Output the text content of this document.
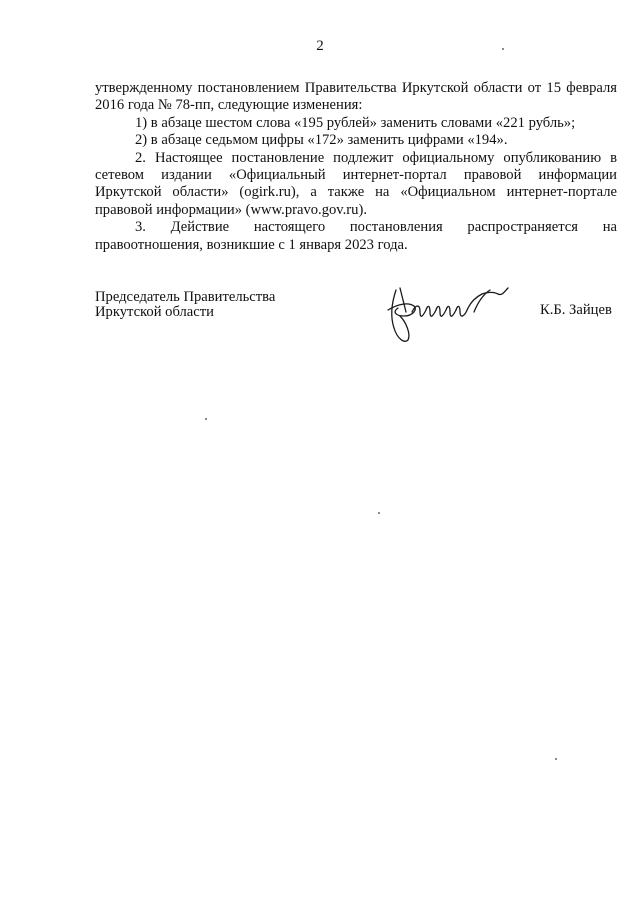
2

утвержденному постановлением Правительства Иркутской области от 15 февраля 2016 года № 78-пп, следующие изменения:

1) в абзаце шестом слова «195 рублей» заменить словами «221 рубль»;

2) в абзаце седьмом цифры «172» заменить цифрами «194».

2. Настоящее постановление подлежит официальному опубликованию в сетевом издании «Официальный интернет-портал правовой информации Иркутской области» (ogirk.ru), а также на «Официальном интернет-портале правовой информации» (www.pravo.gov.ru).

3. Действие настоящего постановления распространяется на правоотношения, возникшие с 1 января 2023 года.

Председатель Правительства
Иркутской области	К.Б. Зайцев
